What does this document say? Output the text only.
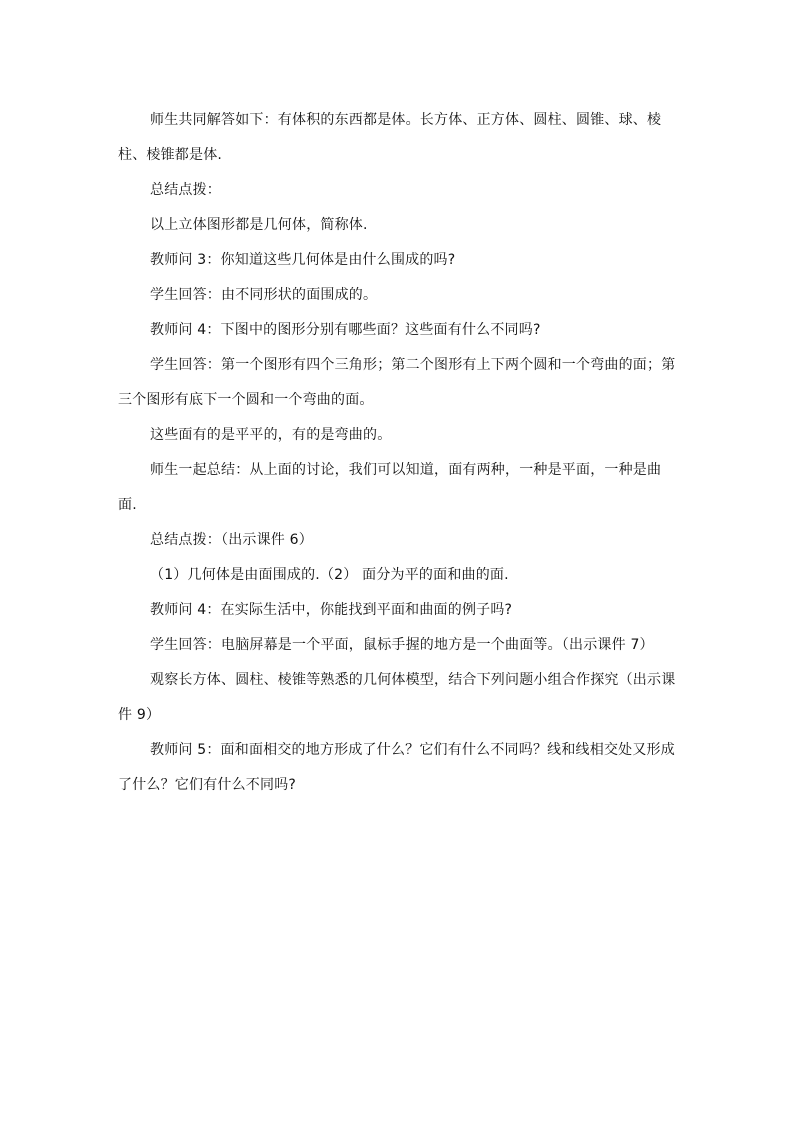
师生共同解答如下：有体积的东西都是体。长方体、正方体、圆柱、圆锥、球、棱柱、棱锥都是体.

总结点拨：

以上立体图形都是几何体，简称体.

教师问 3：你知道这些几何体是由什么围成的吗?

学生回答：由不同形状的面围成的。

教师问 4：下图中的图形分别有哪些面？这些面有什么不同吗?

学生回答：第一个图形有四个三角形；第二个图形有上下两个圆和一个弯曲的面；第三个图形有底下一个圆和一个弯曲的面。

这些面有的是平平的，有的是弯曲的。

师生一起总结：从上面的讨论，我们可以知道，面有两种，一种是平面，一种是曲面.

总结点拨：（出示课件 6）

（1）几何体是由面围成的.（2） 面分为平的面和曲的面.

教师问 4：在实际生活中，你能找到平面和曲面的例子吗?

学生回答：电脑屏幕是一个平面，鼠标手握的地方是一个曲面等。（出示课件 7）

观察长方体、圆柱、棱锥等熟悉的几何体模型，结合下列问题小组合作探究（出示课件 9）

教师问 5：面和面相交的地方形成了什么？它们有什么不同吗？线和线相交处又形成了什么？它们有什么不同吗?
